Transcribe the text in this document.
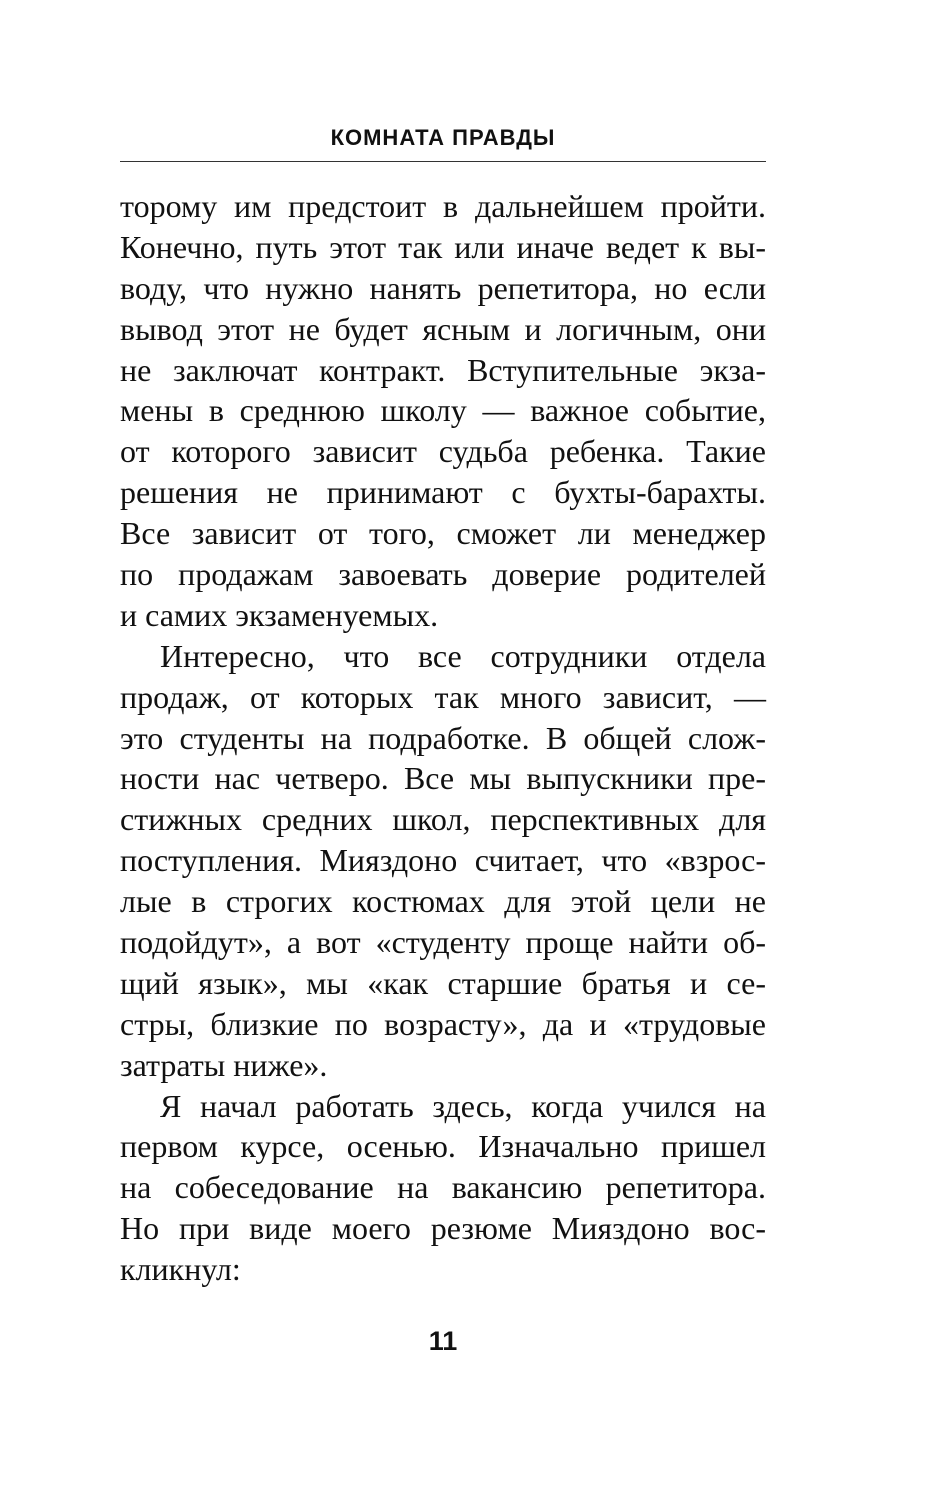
КОМНАТА ПРАВДЫ
торому им предстоит в дальнейшем пройти.
Конечно, путь этот так или иначе ведет к вы-
воду, что нужно нанять репетитора, но если
вывод этот не будет ясным и логичным, они
не заключат контракт. Вступительные экза-
мены в среднюю школу — важное событие,
от которого зависит судьба ребенка. Такие
решения не принимают с бухты-барахты.
Все зависит от того, сможет ли менеджер
по продажам завоевать доверие родителей
и самих экзаменуемых.
Интересно, что все сотрудники отдела
продаж, от которых так много зависит, —
это студенты на подработке. В общей слож-
ности нас четверо. Все мы выпускники пре-
стижных средних школ, перспективных для
поступления. Мияздоно считает, что «взрос-
лые в строгих костюмах для этой цели не
подойдут», а вот «студенту проще найти об-
щий язык», мы «как старшие братья и се-
стры, близкие по возрасту», да и «трудовые
затраты ниже».
Я начал работать здесь, когда учился на
первом курсе, осенью. Изначально пришел
на собеседование на вакансию репетитора.
Но при виде моего резюме Мияздоно вос-
кликнул:
11
